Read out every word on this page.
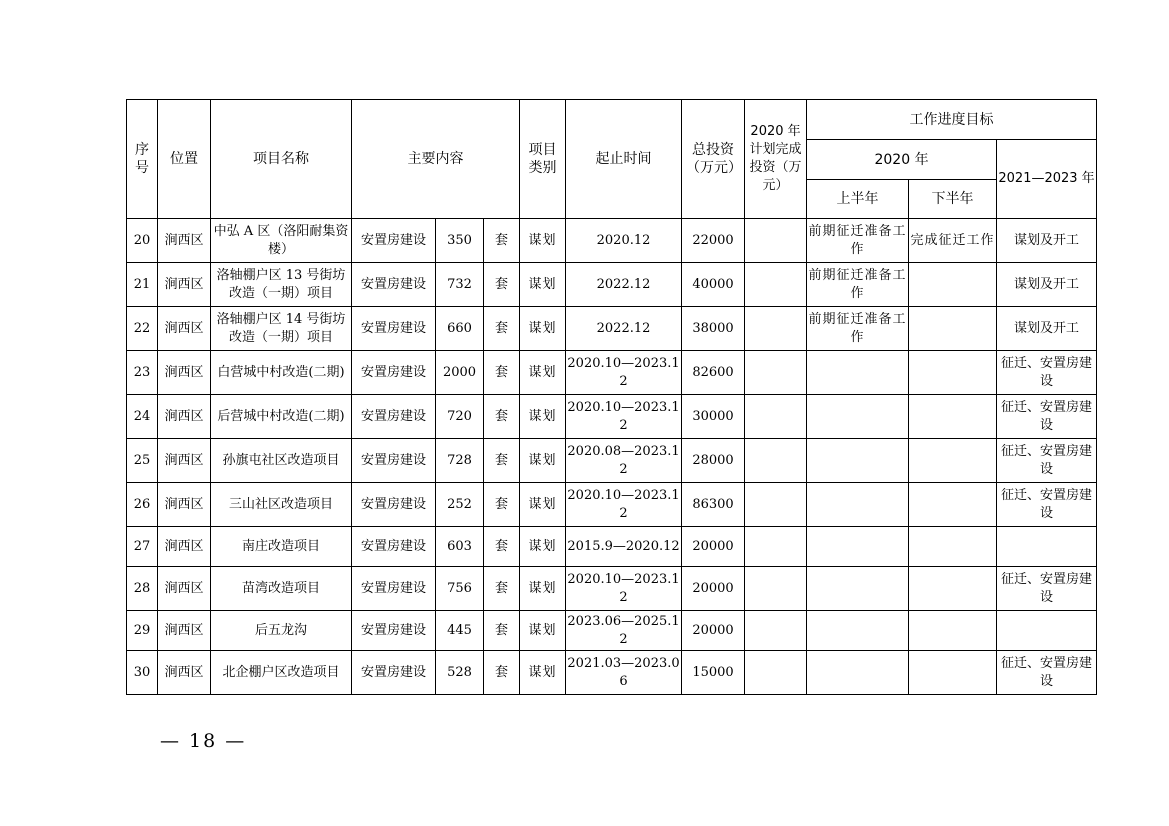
序号	位置	项目名称	主要内容			项目类别	起止时间	总投资（万元）	2020 年计划完成投资（万元）	工作进度目标		
										2020 年		2021—2023 年
										上半年	下半年	
20	涧西区	中弘 A 区（洛阳耐集资楼）	安置房建设	350	套	谋划	2020.12	22000		前期征迁准备工作	完成征迁工作	谋划及开工
21	涧西区	洛轴棚户区 13 号街坊改造（一期）项目	安置房建设	732	套	谋划	2022.12	40000		前期征迁准备工作		谋划及开工
22	涧西区	洛轴棚户区 14 号街坊改造（一期）项目	安置房建设	660	套	谋划	2022.12	38000		前期征迁准备工作		谋划及开工
23	涧西区	白营城中村改造(二期)	安置房建设	2000	套	谋划	2020.10—2023.12	82600				征迁、安置房建设
24	涧西区	后营城中村改造(二期)	安置房建设	720	套	谋划	2020.10—2023.12	30000				征迁、安置房建设
25	涧西区	孙旗屯社区改造项目	安置房建设	728	套	谋划	2020.08—2023.12	28000				征迁、安置房建设
26	涧西区	三山社区改造项目	安置房建设	252	套	谋划	2020.10—2023.12	86300				征迁、安置房建设
27	涧西区	南庄改造项目	安置房建设	603	套	谋划	2015.9—2020.12	20000				
28	涧西区	苗湾改造项目	安置房建设	756	套	谋划	2020.10—2023.12	20000				征迁、安置房建设
29	涧西区	后五龙沟	安置房建设	445	套	谋划	2023.06—2025.12	20000				
30	涧西区	北企棚户区改造项目	安置房建设	528	套	谋划	2021.03—2023.06	15000				征迁、安置房建设
— 18 —
